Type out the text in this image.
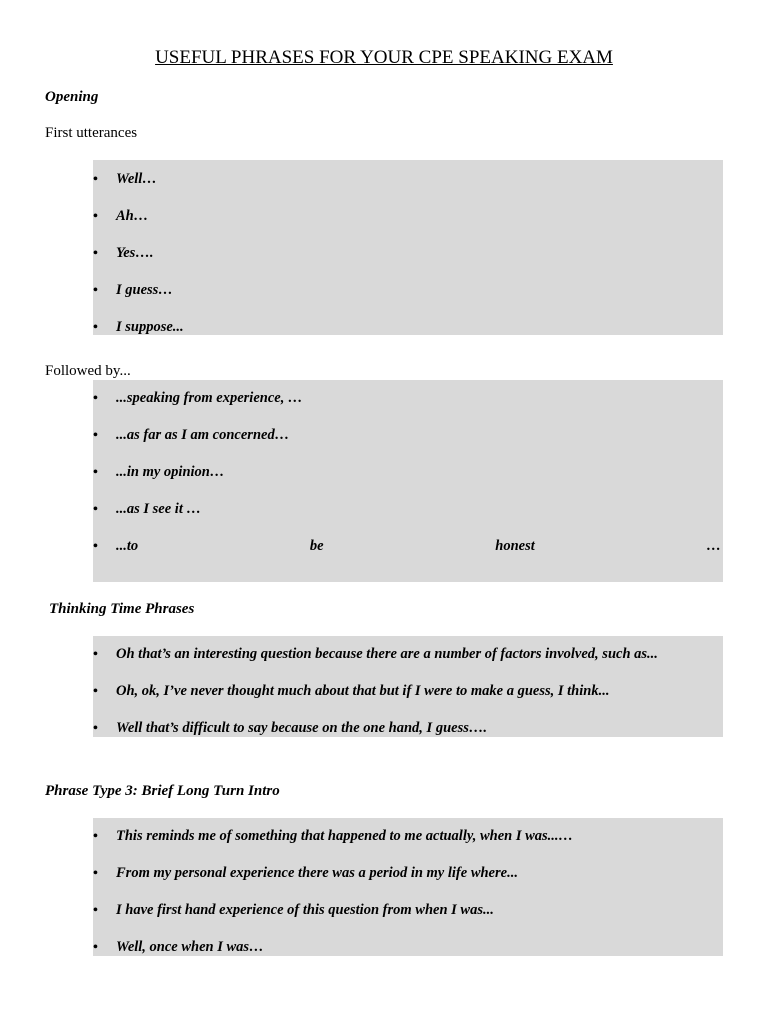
USEFUL PHRASES FOR YOUR CPE SPEAKING EXAM

Opening

First utterances

• Well…
• Ah…
• Yes….
• I guess…
• I suppose...

Followed by...

• ...speaking from experience, …
• ...as far as I am concerned…
• ...in my opinion…
• ...as I see it …
• ...to	be	honest	…

Thinking Time Phrases

• Oh that’s an interesting question because there are a number of factors involved, such as...
• Oh, ok, I’ve never thought much about that but if I were to make a guess, I think...
• Well that’s difficult to say because on the one hand, I guess….

Phrase Type 3: Brief Long Turn Intro

• This reminds me of something that happened to me actually, when I was...…
• From my personal experience there was a period in my life where...
• I have first hand experience of this question from when I was...
• Well, once when I was…
